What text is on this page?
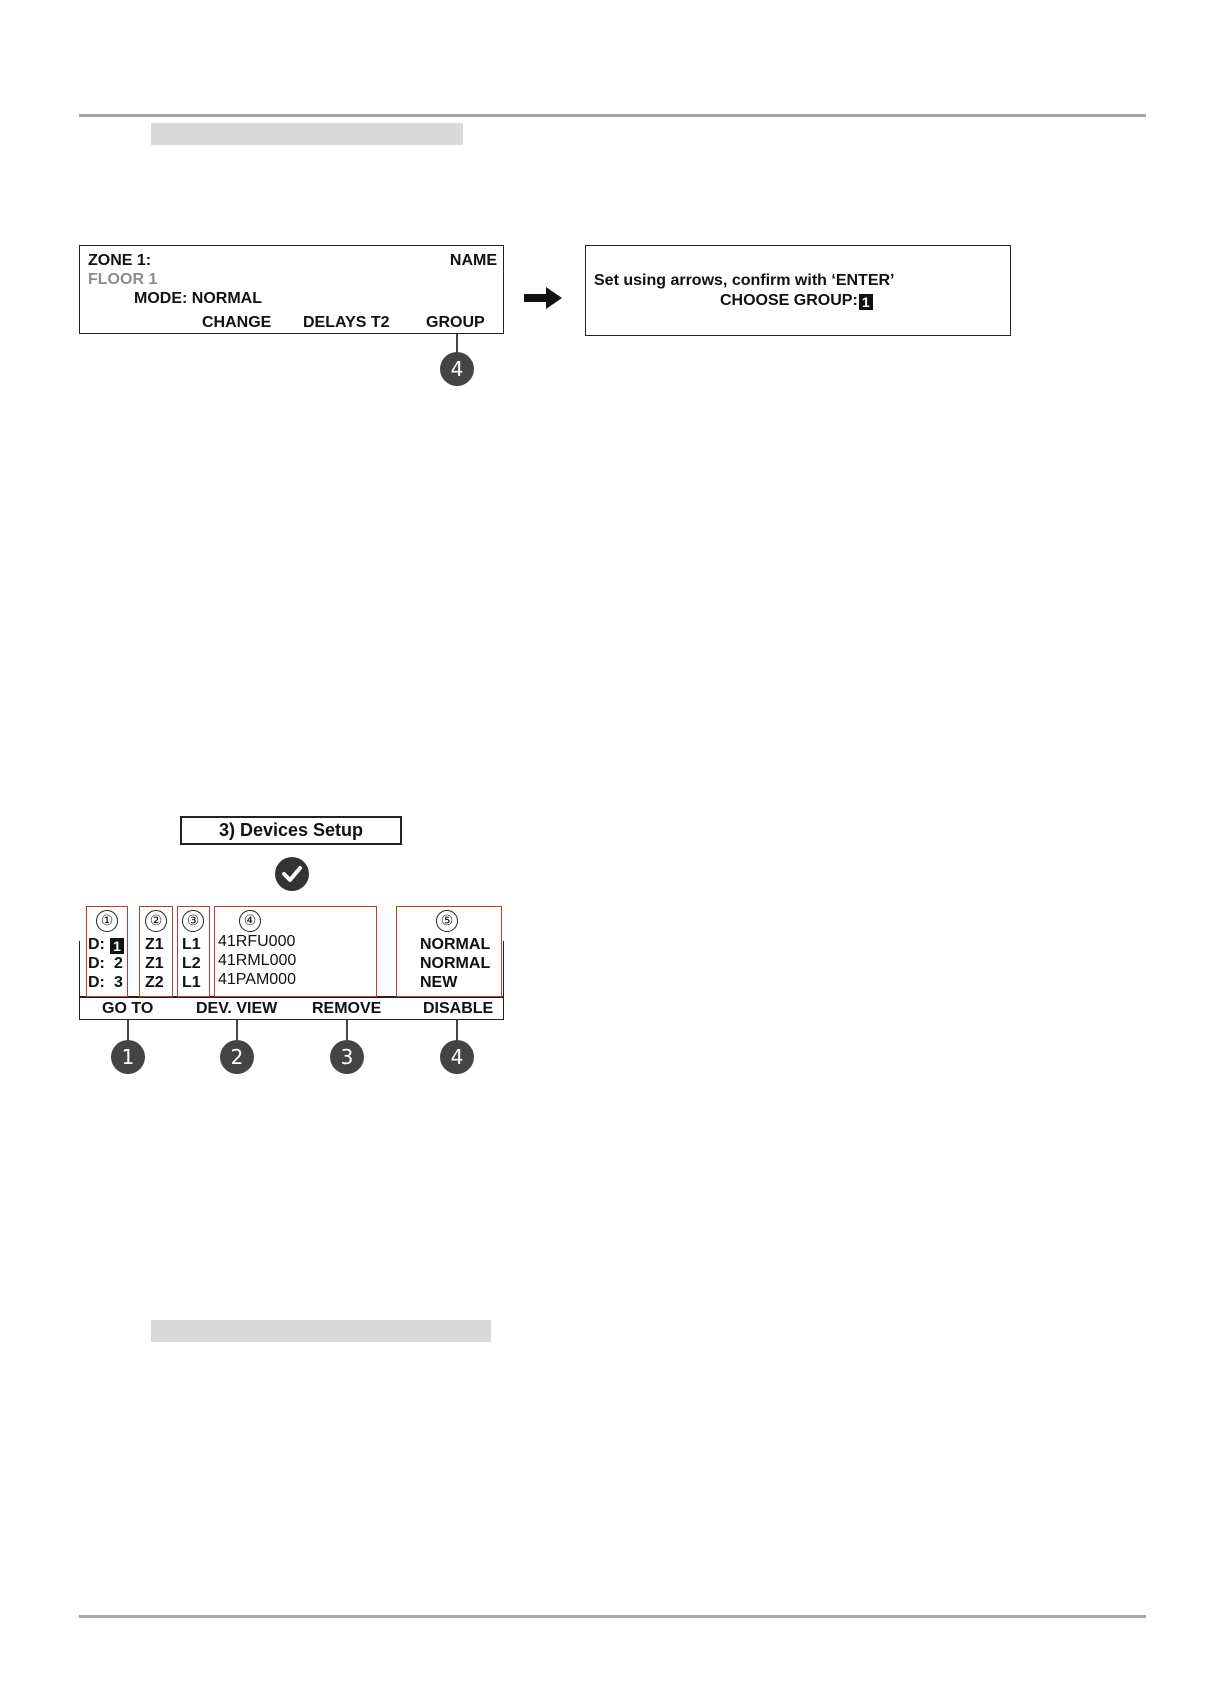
ZONE 1:	NAME
FLOOR 1
MODE: NORMAL
CHANGE DELAYS T2 GROUP
4
Set using arrows, confirm with ‘ENTER’
CHOOSE GROUP: 1
3) Devices Setup
①	②	③	④	⑤
D: 1 Z1 L1 41RFU000	NORMAL
D: 2 Z1 L2 41RML000	NORMAL
D: 3 Z2 L1 41PAM000	NEW
GO TO	DEV. VIEW REMOVE	DISABLE
1	2	3	4
